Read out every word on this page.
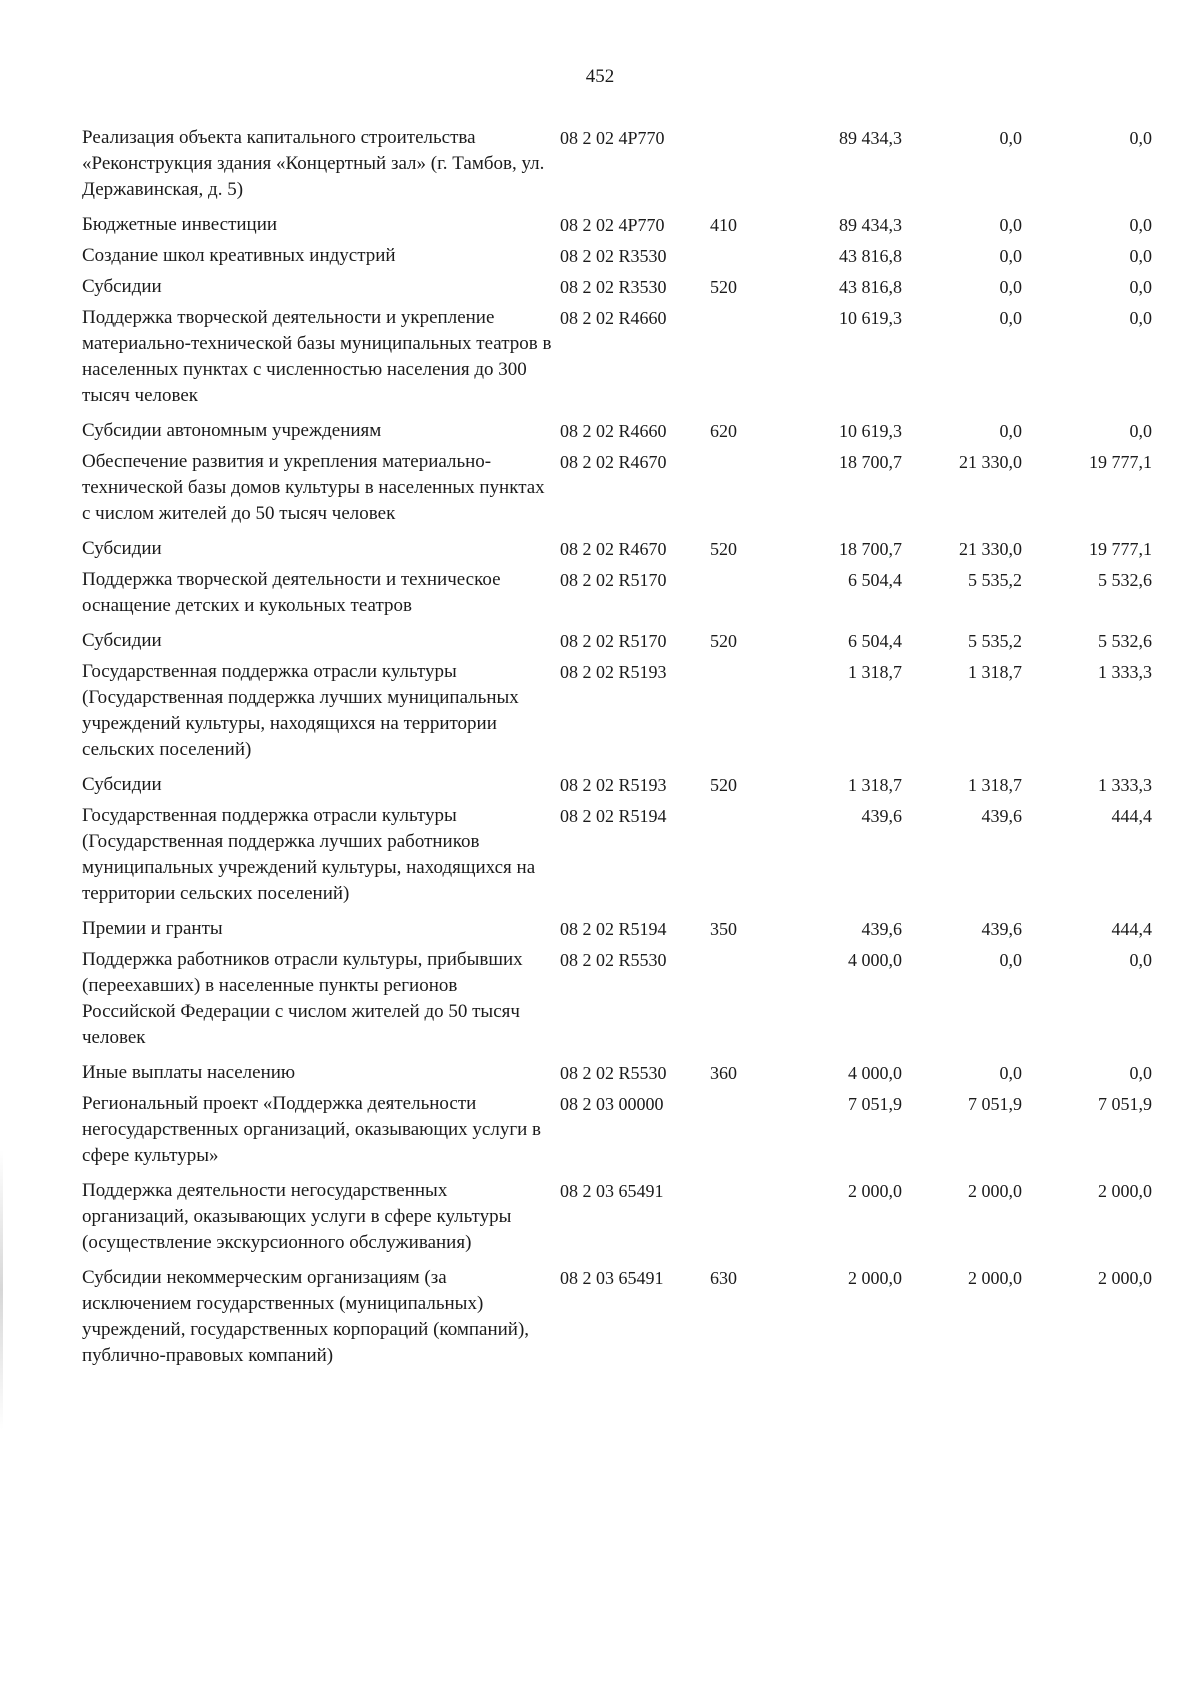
452
Реализация объекта капитального строительства «Реконструкция здания «Концертный зал» (г. Тамбов, ул. Державинская, д. 5)	08 2 02 4Р770		89 434,3	0,0	0,0
Бюджетные инвестиции	08 2 02 4Р770	410	89 434,3	0,0	0,0
Создание школ креативных индустрий	08 2 02 R3530		43 816,8	0,0	0,0
Субсидии	08 2 02 R3530	520	43 816,8	0,0	0,0
Поддержка творческой деятельности и укрепление материально-технической базы муниципальных театров в населенных пунктах с численностью населения до 300 тысяч человек	08 2 02 R4660		10 619,3	0,0	0,0
Субсидии автономным учреждениям	08 2 02 R4660	620	10 619,3	0,0	0,0
Обеспечение развития и укрепления материально-технической базы домов культуры в населенных пунктах с числом жителей до 50 тысяч человек	08 2 02 R4670		18 700,7	21 330,0	19 777,1
Субсидии	08 2 02 R4670	520	18 700,7	21 330,0	19 777,1
Поддержка творческой деятельности и техническое оснащение детских и кукольных театров	08 2 02 R5170		6 504,4	5 535,2	5 532,6
Субсидии	08 2 02 R5170	520	6 504,4	5 535,2	5 532,6
Государственная поддержка отрасли культуры (Государственная поддержка лучших муниципальных учреждений культуры, находящихся на территории сельских поселений)	08 2 02 R5193		1 318,7	1 318,7	1 333,3
Субсидии	08 2 02 R5193	520	1 318,7	1 318,7	1 333,3
Государственная поддержка отрасли культуры (Государственная поддержка лучших работников муниципальных учреждений культуры, находящихся на территории сельских поселений)	08 2 02 R5194		439,6	439,6	444,4
Премии и гранты	08 2 02 R5194	350	439,6	439,6	444,4
Поддержка работников отрасли культуры, прибывших (переехавших) в населенные пункты регионов Российской Федерации с числом жителей до 50 тысяч человек	08 2 02 R5530		4 000,0	0,0	0,0
Иные выплаты населению	08 2 02 R5530	360	4 000,0	0,0	0,0
Региональный проект «Поддержка деятельности негосударственных организаций, оказывающих услуги в сфере культуры»	08 2 03 00000		7 051,9	7 051,9	7 051,9
Поддержка деятельности негосударственных организаций, оказывающих услуги в сфере культуры (осуществление экскурсионного обслуживания)	08 2 03 65491		2 000,0	2 000,0	2 000,0
Субсидии некоммерческим организациям (за исключением государственных (муниципальных) учреждений, государственных корпораций (компаний), публично-правовых компаний)	08 2 03 65491	630	2 000,0	2 000,0	2 000,0
